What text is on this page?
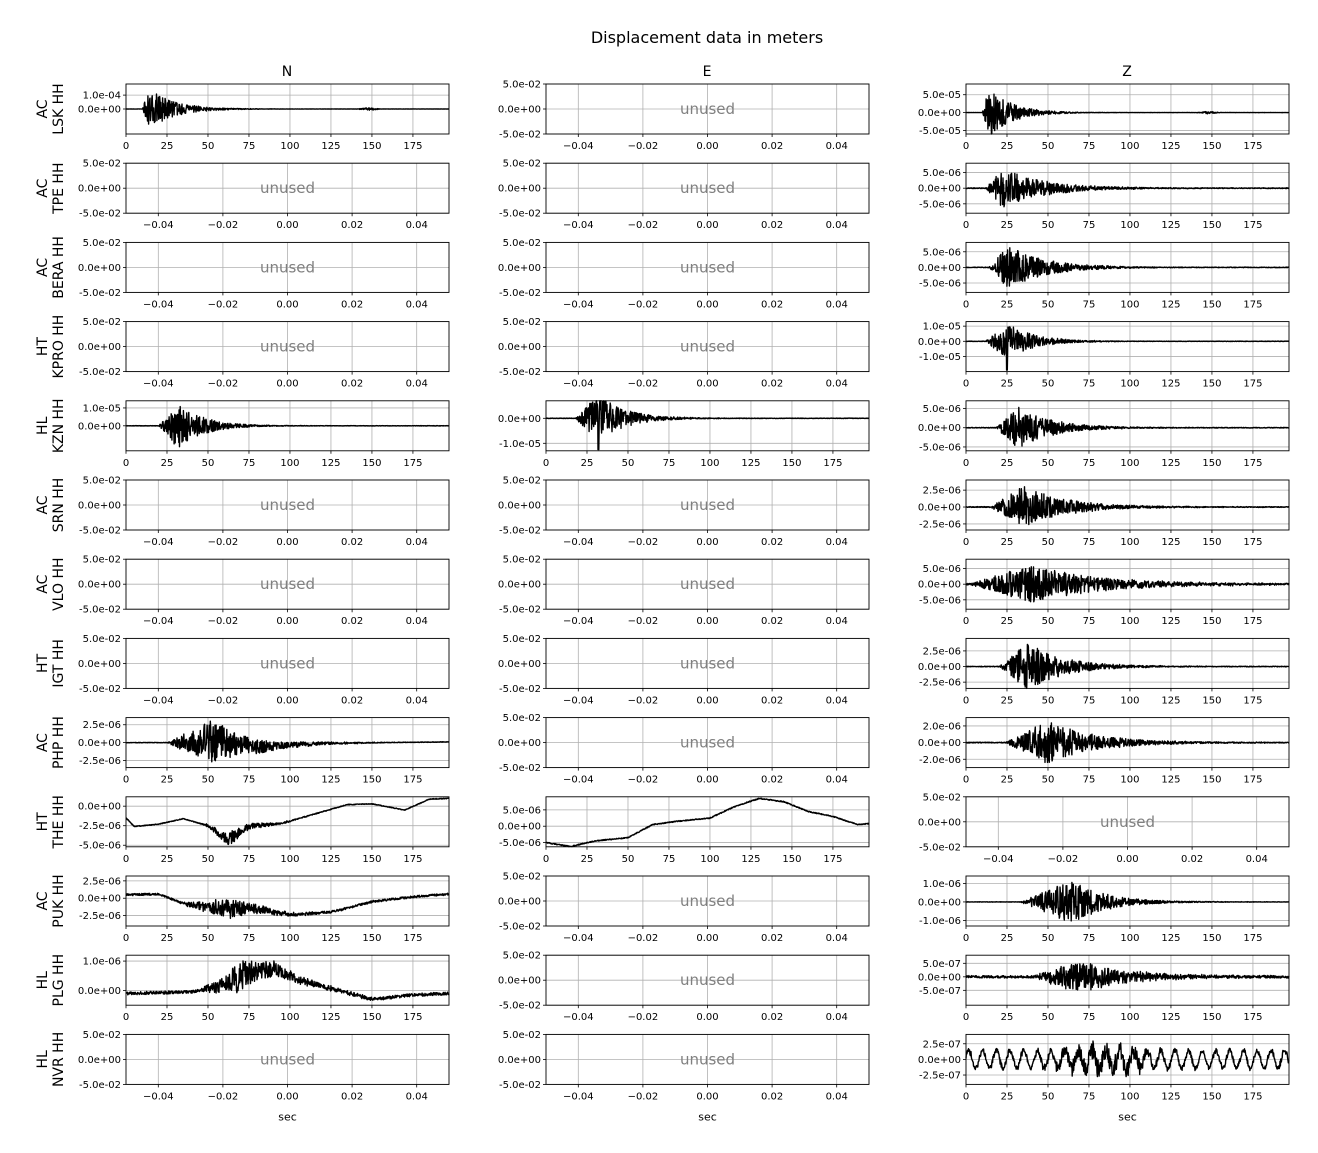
Displacement data in meters
N	E	Z
ACLSK HH
0	25	50	75	100 125 150 175
1.0e-04
0.0e+00	unused
−0.04	−0.02	0.00	0.02	0.04
5.0e-02
0.0e+00
-5.0e-02
0	25	50	75	100 125 150 175
5.0e-05
0.0e+00
-5.0e-05
ACTPE HH	unused
−0.04	−0.02	0.00	0.02	0.04
5.0e-02
0.0e+00
-5.0e-02
unused
−0.04	−0.02	0.00	0.02	0.04
5.0e-02
0.0e+00
-5.0e-02
0	25	50	75	100 125 150 175
5.0e-06
0.0e+00
-5.0e-06
ACBERA HH	unused
−0.04	−0.02	0.00	0.02	0.04
5.0e-02
0.0e+00
-5.0e-02
unused
−0.04	−0.02	0.00	0.02	0.04
5.0e-02
0.0e+00
-5.0e-02
0	25	50	75	100 125 150 175
5.0e-06
0.0e+00
-5.0e-06
HTKPRO HH	unused
−0.04	−0.02	0.00	0.02	0.04
5.0e-02
0.0e+00
-5.0e-02
unused
−0.04	−0.02	0.00	0.02	0.04
5.0e-02
0.0e+00
-5.0e-02
0	25	50	75	100 125 150 175
1.0e-05
0.0e+00
-1.0e-05
HLKZN HH
0	25	50	75	100 125 150 175
1.0e-05
0.0e+00
0	25	50	75	100 125 150 175
0.0e+00
-1.0e-05
0	25	50	75	100 125 150 175
5.0e-06
0.0e+00
-5.0e-06
ACSRN HH	unused
−0.04	−0.02	0.00	0.02	0.04
5.0e-02
0.0e+00
-5.0e-02
unused
−0.04	−0.02	0.00	0.02	0.04
5.0e-02
0.0e+00
-5.0e-02
0	25	50	75	100 125 150 175
2.5e-06
0.0e+00
-2.5e-06
ACVLO HH	unused
−0.04	−0.02	0.00	0.02	0.04
5.0e-02
0.0e+00
-5.0e-02
unused
−0.04	−0.02	0.00	0.02	0.04
5.0e-02
0.0e+00
-5.0e-02
0	25	50	75	100 125 150 175
5.0e-06
0.0e+00
-5.0e-06
HTIGT HH	unused
−0.04	−0.02	0.00	0.02	0.04
5.0e-02
0.0e+00
-5.0e-02
unused
−0.04	−0.02	0.00	0.02	0.04
5.0e-02
0.0e+00
-5.0e-02
0	25	50	75	100 125 150 175
2.5e-06
0.0e+00
-2.5e-06
ACPHP HH
0	25	50	75	100 125 150 175
2.5e-06
0.0e+00
-2.5e-06
unused
−0.04	−0.02	0.00	0.02	0.04
5.0e-02
0.0e+00
-5.0e-02
0	25	50	75	100 125 150 175
2.0e-06
0.0e+00
-2.0e-06
HTTHE HH
0	25	50	75	100 125 150 175
0.0e+00
-2.5e-06
-5.0e-06
0	25	50	75	100 125 150 175
5.0e-06
0.0e+00
-5.0e-06
unused
−0.04	−0.02	0.00	0.02	0.04
5.0e-02
0.0e+00
-5.0e-02
ACPUK HH
0	25	50	75	100 125 150 175
2.5e-06
0.0e+00
-2.5e-06
unused
−0.04	−0.02	0.00	0.02	0.04
5.0e-02
0.0e+00
-5.0e-02
0	25	50	75	100 125 150 175
1.0e-06
0.0e+00
-1.0e-06
HLPLG HH
0	25	50	75	100 125 150 175
1.0e-06
0.0e+00
unused
−0.04	−0.02	0.00	0.02	0.04
5.0e-02
0.0e+00
-5.0e-02
0	25	50	75	100 125 150 175
5.0e-07
0.0e+00
-5.0e-07
HLNVR HH	unused
−0.04	−0.02	0.00	0.02	0.04
5.0e-02
0.0e+00
-5.0e-02
sec
unused
−0.04	−0.02	0.00	0.02	0.04
5.0e-02
0.0e+00
-5.0e-02
sec
0	25	50	75	100 125 150 175
2.5e-07
0.0e+00
-2.5e-07
sec
